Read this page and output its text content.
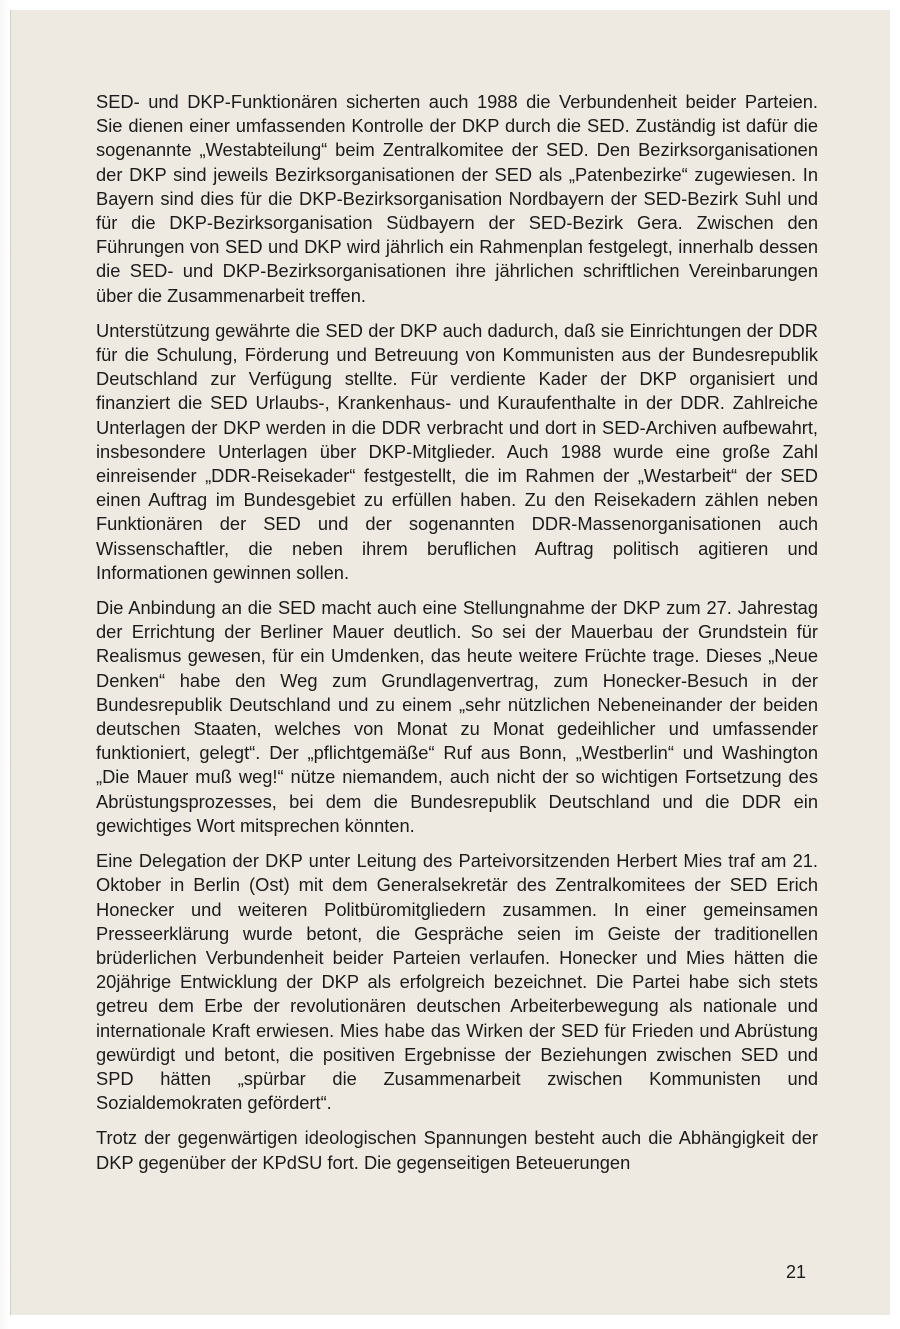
SED- und DKP-Funktionären sicherten auch 1988 die Verbundenheit beider Parteien. Sie dienen einer umfassenden Kontrolle der DKP durch die SED. Zuständig ist dafür die sogenannte „Westabteilung“ beim Zentralkomitee der SED. Den Bezirksorganisationen der DKP sind jeweils Bezirksorganisationen der SED als „Patenbezirke“ zugewiesen. In Bayern sind dies für die DKP-Bezirksorganisation Nordbayern der SED-Bezirk Suhl und für die DKP-Bezirksorganisation Südbayern der SED-Bezirk Gera. Zwischen den Führungen von SED und DKP wird jährlich ein Rahmenplan festgelegt, innerhalb dessen die SED- und DKP-Bezirksorganisationen ihre jährlichen schriftlichen Vereinbarungen über die Zusammenarbeit treffen.

Unterstützung gewährte die SED der DKP auch dadurch, daß sie Einrichtungen der DDR für die Schulung, Förderung und Betreuung von Kommunisten aus der Bundesrepublik Deutschland zur Verfügung stellte. Für verdiente Kader der DKP organisiert und finanziert die SED Urlaubs-, Krankenhaus- und Kuraufenthalte in der DDR. Zahlreiche Unterlagen der DKP werden in die DDR verbracht und dort in SED-Archiven aufbewahrt, insbesondere Unterlagen über DKP-Mitglieder. Auch 1988 wurde eine große Zahl einreisender „DDR-Reisekader“ festgestellt, die im Rahmen der „Westarbeit“ der SED einen Auftrag im Bundesgebiet zu erfüllen haben. Zu den Reisekadern zählen neben Funktionären der SED und der sogenannten DDR-Massenorganisationen auch Wissenschaftler, die neben ihrem beruflichen Auftrag politisch agitieren und Informationen gewinnen sollen.

Die Anbindung an die SED macht auch eine Stellungnahme der DKP zum 27. Jahrestag der Errichtung der Berliner Mauer deutlich. So sei der Mauerbau der Grundstein für Realismus gewesen, für ein Umdenken, das heute weitere Früchte trage. Dieses „Neue Denken“ habe den Weg zum Grundlagenvertrag, zum Honecker-Besuch in der Bundesrepublik Deutschland und zu einem „sehr nützlichen Nebeneinander der beiden deutschen Staaten, welches von Monat zu Monat gedeihlicher und umfassender funktioniert, gelegt“. Der „pflichtgemäße“ Ruf aus Bonn, „Westberlin“ und Washington „Die Mauer muß weg!“ nütze niemandem, auch nicht der so wichtigen Fortsetzung des Abrüstungsprozesses, bei dem die Bundesrepublik Deutschland und die DDR ein gewichtiges Wort mitsprechen könnten.

Eine Delegation der DKP unter Leitung des Parteivorsitzenden Herbert Mies traf am 21. Oktober in Berlin (Ost) mit dem Generalsekretär des Zentralkomitees der SED Erich Honecker und weiteren Politbüromitgliedern zusammen. In einer gemeinsamen Presseerklärung wurde betont, die Gespräche seien im Geiste der traditionellen brüderlichen Verbundenheit beider Parteien verlaufen. Honecker und Mies hätten die 20jährige Entwicklung der DKP als erfolgreich bezeichnet. Die Partei habe sich stets getreu dem Erbe der revolutionären deutschen Arbeiterbewegung als nationale und internationale Kraft erwiesen. Mies habe das Wirken der SED für Frieden und Abrüstung gewürdigt und betont, die positiven Ergebnisse der Beziehungen zwischen SED und SPD hätten „spürbar die Zusammenarbeit zwischen Kommunisten und Sozialdemokraten gefördert“.

Trotz der gegenwärtigen ideologischen Spannungen besteht auch die Abhängigkeit der DKP gegenüber der KPdSU fort. Die gegenseitigen Beteuerungen

21
